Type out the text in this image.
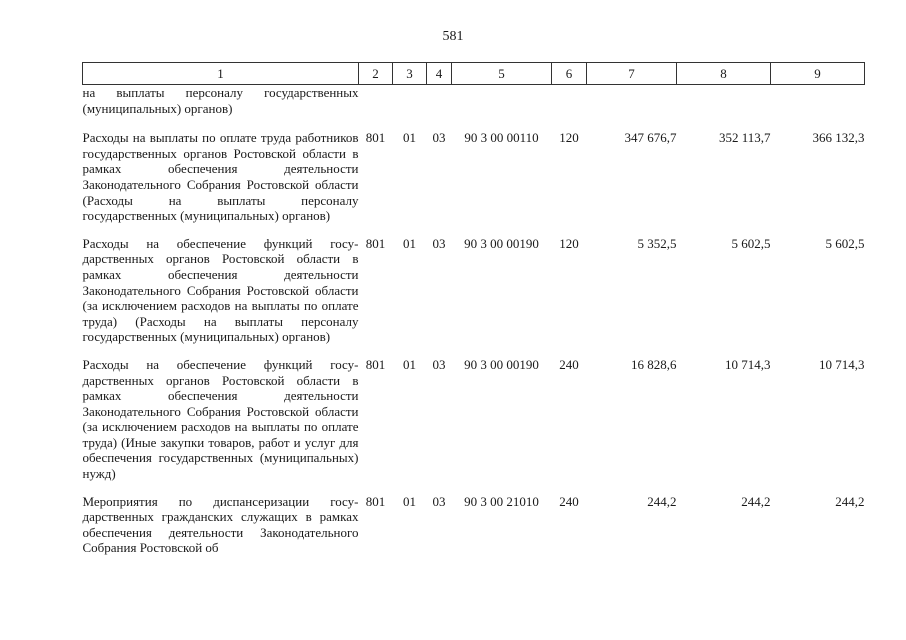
581
1	2	3	4	5	6	7	8	9
на выплаты персоналу государственных (муниципальных) органов)								
Расходы на выплаты по оплате труда работников государственных органов Ростовской области в рамках обеспечения деятельности Законодательного Собрания Ростовской области (Расходы на выплаты персоналу государственных (муниципальных) органов)	801	01	03	90 3 00 00110	120	347 676,7	352 113,7	366 132,3
Расходы на обеспечение функций государственных органов Ростовской области в рамках обеспечения деятельности Законодательного Собрания Ростовской области (за исключением расходов на выплаты по оплате труда) (Расходы на выплаты персоналу государственных (муниципальных) органов)	801	01	03	90 3 00 00190	120	5 352,5	5 602,5	5 602,5
Расходы на обеспечение функций государственных органов Ростовской области в рамках обеспечения деятельности Законодательного Собрания Ростовской области (за исключением расходов на выплаты по оплате труда) (Иные закупки товаров, работ и услуг для обеспечения государственных (муниципальных) нужд)	801	01	03	90 3 00 00190	240	16 828,6	10 714,3	10 714,3
Мероприятия по диспансеризации государственных гражданских служащих в рамках обеспечения деятельности Законодательного Собрания Ростовской об	801	01	03	90 3 00 21010	240	244,2	244,2	244,2
